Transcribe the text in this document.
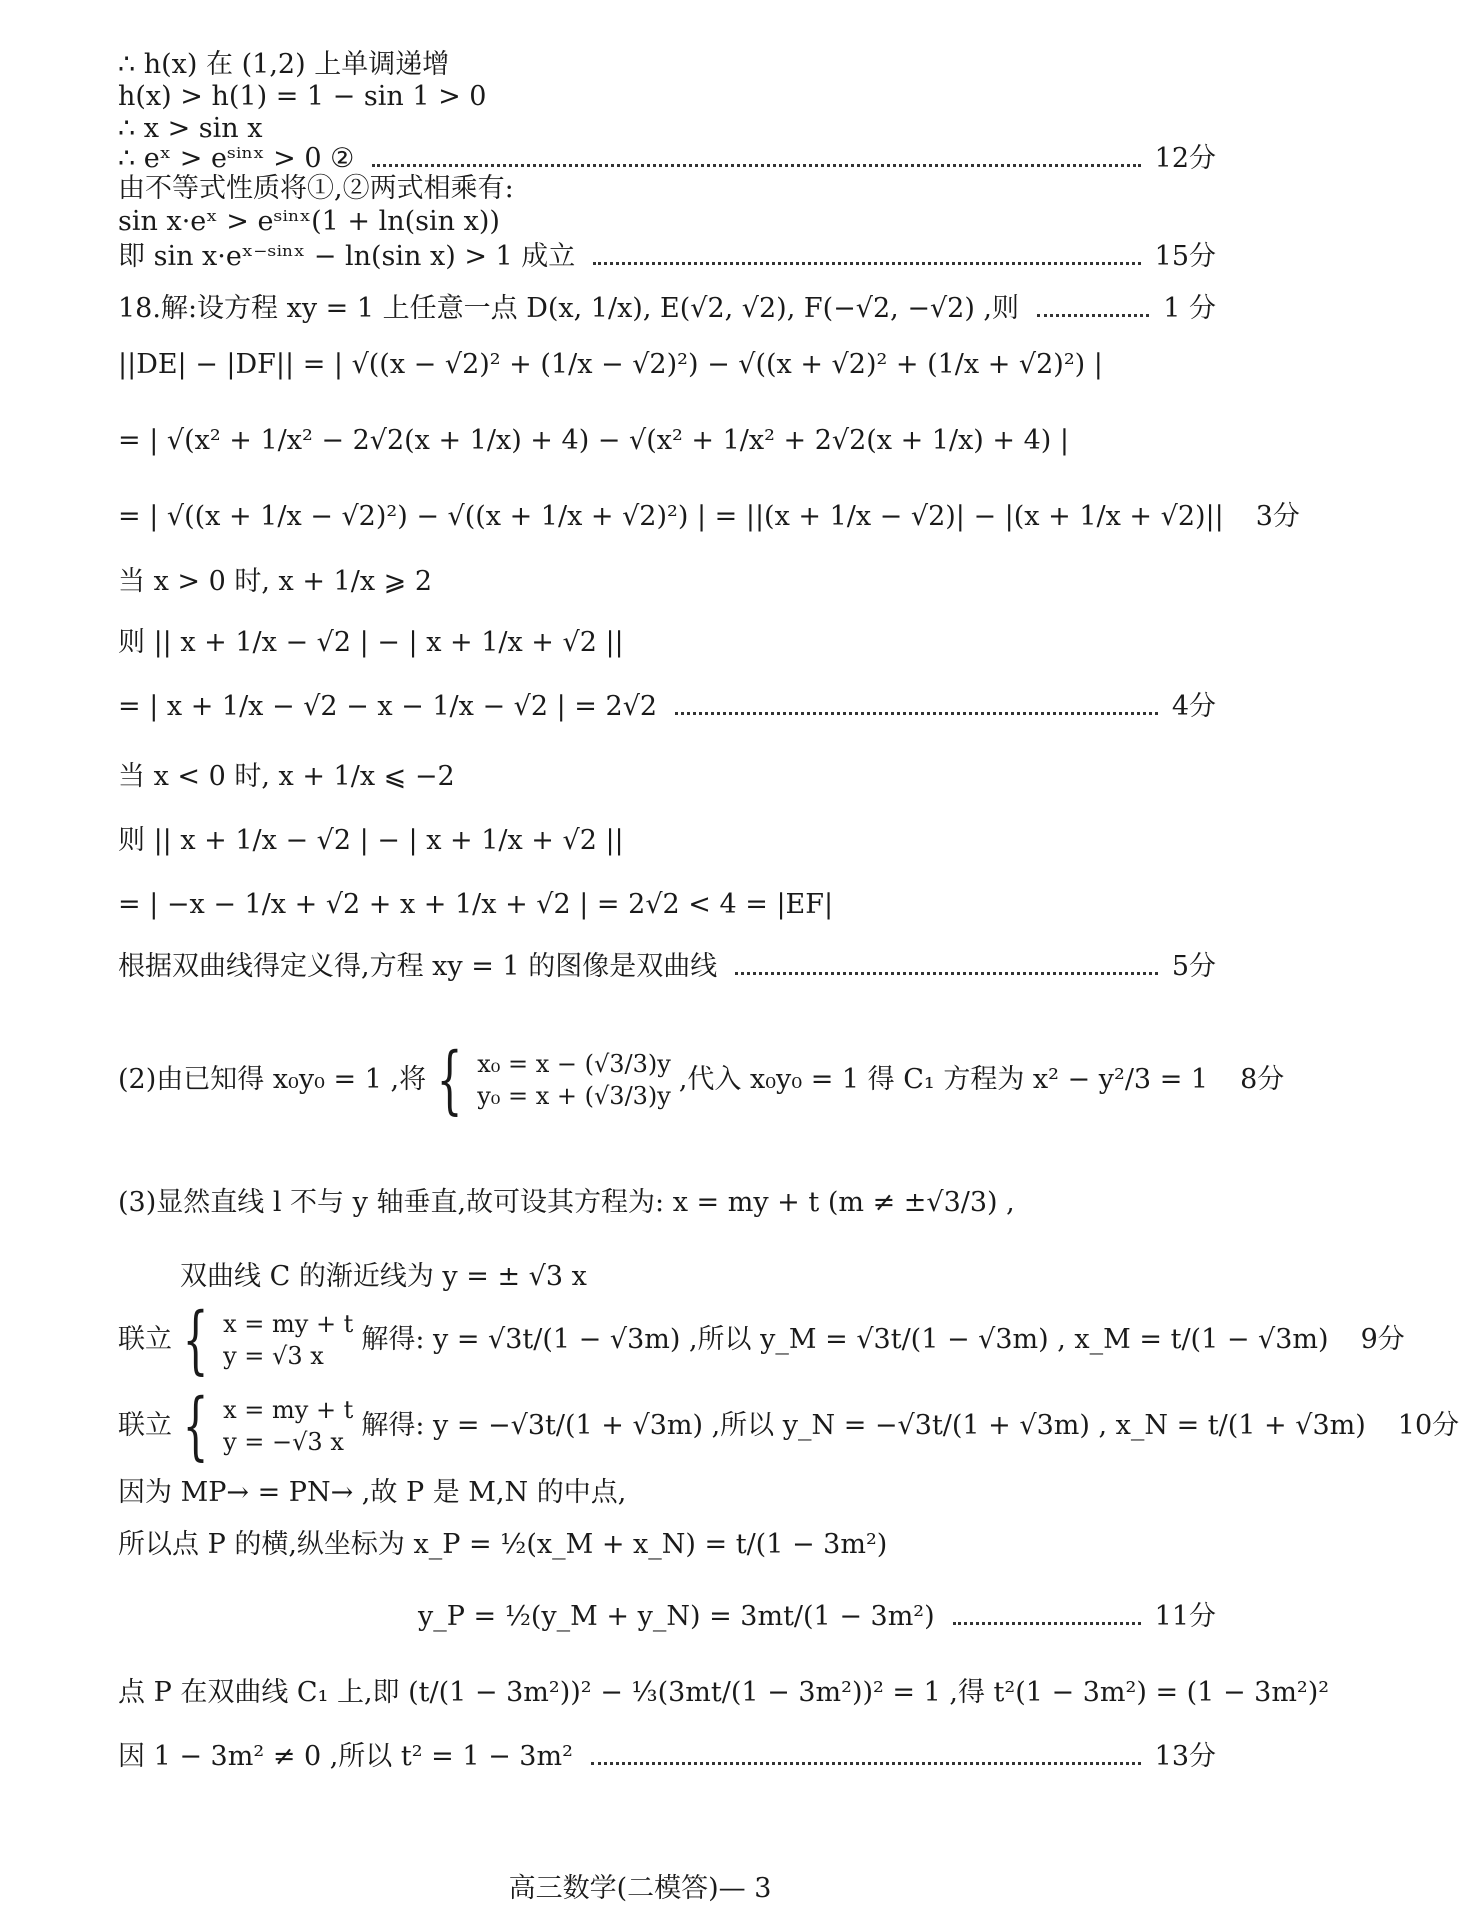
∴ h(x) 在 (1,2) 上单调递增
h(x) > h(1) = 1 − sin 1 > 0
∴ x > sin x
∴ eˣ > eˢⁱⁿˣ > 0 ②	12分
由不等式性质将①,②两式相乘有:
sin x·eˣ > eˢⁱⁿˣ(1 + ln(sin x))
即 sin x·eˣ⁻ˢⁱⁿˣ − ln(sin x) > 1 成立	15分
18.解:设方程 xy = 1 上任意一点 D(x, 1/x), E(√2, √2), F(−√2, −√2) ,则	1 分
||DE| − |DF|| = | √((x − √2)² + (1/x − √2)²) − √((x + √2)² + (1/x + √2)²) |
= | √(x² + 1/x² − 2√2(x + 1/x) + 4) − √(x² + 1/x² + 2√2(x + 1/x) + 4) |
= | √((x + 1/x − √2)²) − √((x + 1/x + √2)²) | = ||(x + 1/x − √2)| − |(x + 1/x + √2)|| 3分
当 x > 0 时, x + 1/x ⩾ 2
则 || x + 1/x − √2 | − | x + 1/x + √2 ||
= | x + 1/x − √2 − x − 1/x − √2 | = 2√2	4分
当 x < 0 时, x + 1/x ⩽ −2
则 || x + 1/x − √2 | − | x + 1/x + √2 ||
= | −x − 1/x + √2 + x + 1/x + √2 | = 2√2 < 4 = |EF|
根据双曲线得定义得,方程 xy = 1 的图像是双曲线	5分
(2)由已知得 x₀y₀ = 1 ,将 { x₀ = x − (√3/3)y
y₀ = x + (√3/3)y
,代入 x₀y₀ = 1 得 C₁ 方程为 x² − y²/3 = 1 8分
(3)显然直线 l 不与 y 轴垂直,故可设其方程为: x = my + t (m ≠ ±√3/3) ,
双曲线 C 的渐近线为 y = ± √3 x
联立 { x = my + t
y = √3 x
解得: y = √3t/(1 − √3m) ,所以 y_M = √3t/(1 − √3m) , x_M = t/(1 − √3m) 9分
联立 { x = my + t
y = −√3 x
解得: y = −√3t/(1 + √3m) ,所以 y_N = −√3t/(1 + √3m) , x_N = t/(1 + √3m) 10分
因为 MP→ = PN→ ,故 P 是 M,N 的中点,
所以点 P 的横,纵坐标为 x_P = ½(x_M + x_N) = t/(1 − 3m²)
y_P = ½(y_M + y_N) = 3mt/(1 − 3m²)	11分
点 P 在双曲线 C₁ 上,即 (t/(1 − 3m²))² − ⅓(3mt/(1 − 3m²))² = 1 ,得 t²(1 − 3m²) = (1 − 3m²)²
因 1 − 3m² ≠ 0 ,所以 t² = 1 − 3m²	13分
高三数学(二模答)— 3
